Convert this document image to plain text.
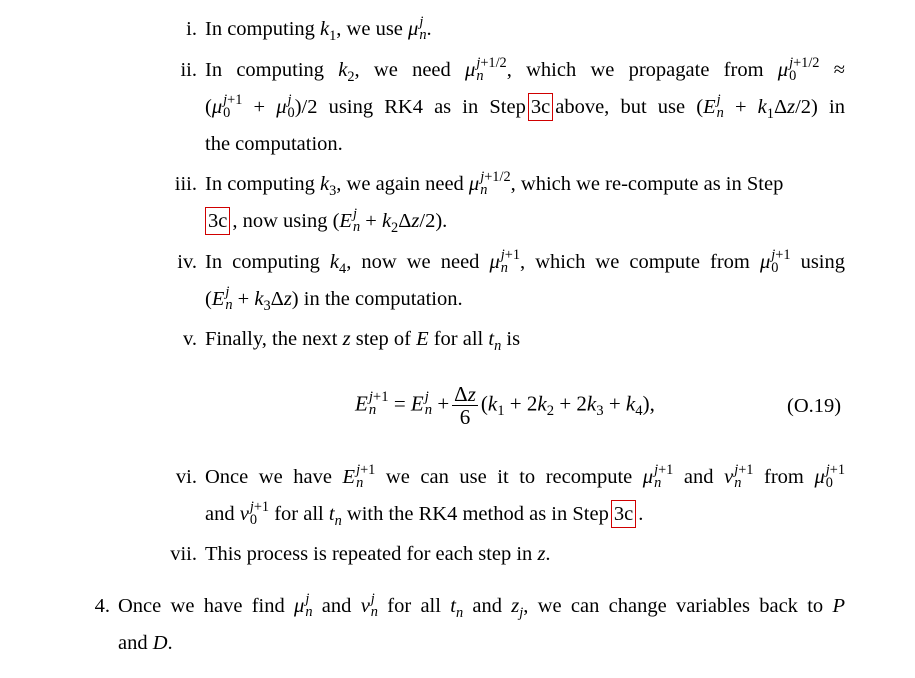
i. In computing $k_1$, we use μ j
n .
ii. In computing $k_2$, we need μ j+1/2
n	, which we propagate from μ j+1/2
0	≈
(μ j+1
0 + μ j
0 )/2 using RK4 as in Step 3c above, but use (E j
$n + k_1\Delta z/2$) in
the computation.
iii. In computing $k_3$, we again need μ j+1/2
n	, which we re-compute as in Step
3c , now using (E j
$n + k_2\Delta z/2$).
iv. In computing $k_4$, now we need μ j+1
n , which we compute from μ j+1
0 using
(E j
$n + k_3\Delta z$) in the computation.
v. Finally, the next z step of E for all $t_n$ is
E j+1
n = E j
$n + \frac{\Delta z}{6} (k_1 + 2k_2 + 2k_3 + k_4)$,	(O.19)
vi. Once we have E j+1
n we can use it to recompute μ j+1
n and ν j+1
n from μ j+1
0
and ν j+1
0 for all $t_n$ with the RK4 method as in Step 3c .
vii. This process is repeated for each step in z.
4. Once we have find μ j
n and ν j
n for all $t_n$ and $z_j$, we can change variables back to P
and D.
